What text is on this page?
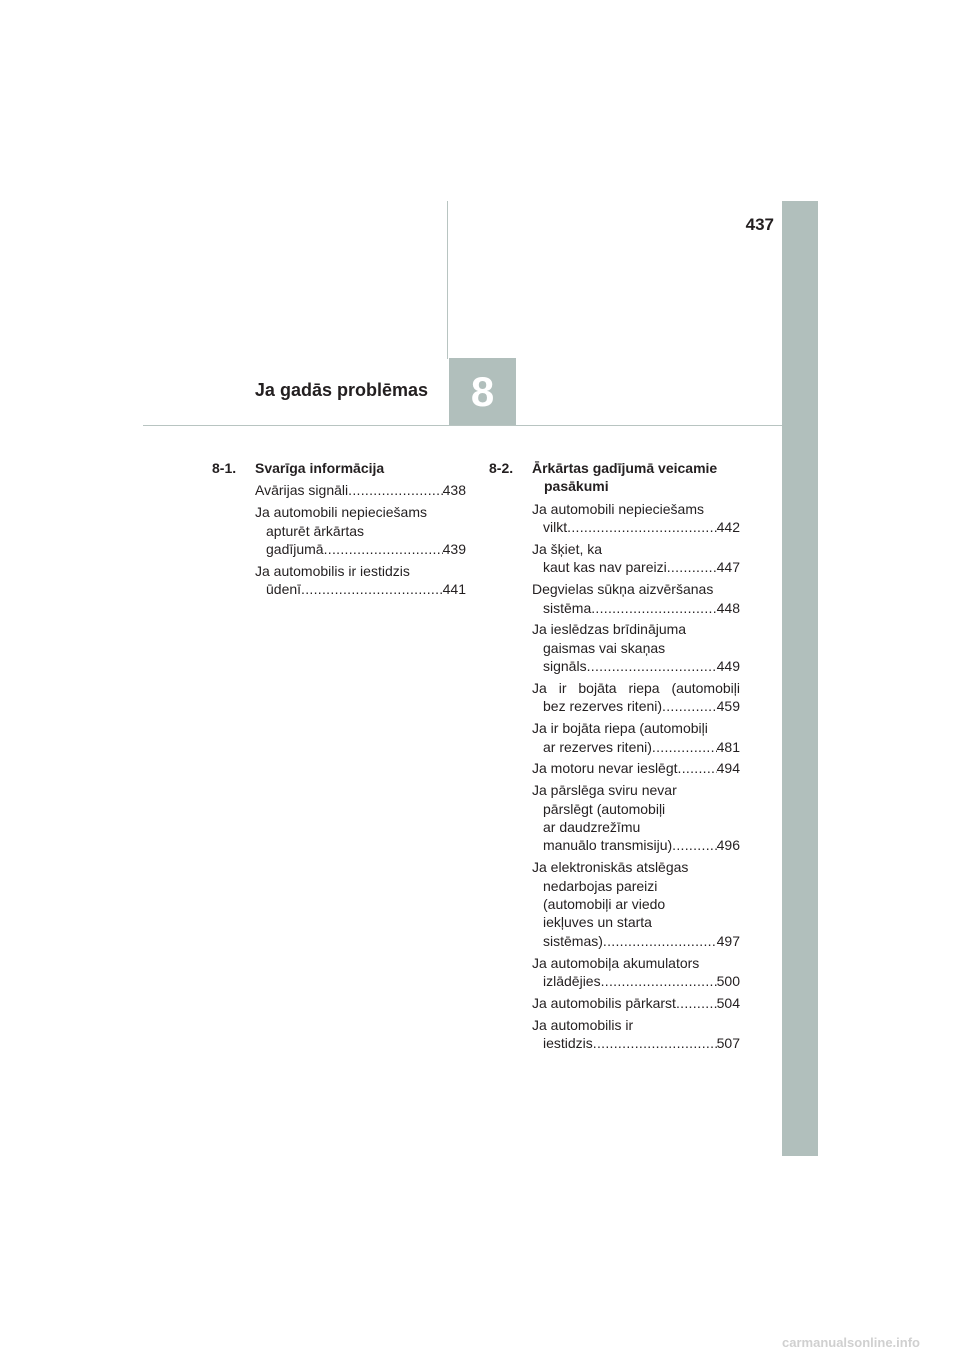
437
Ja gadās problēmas 8
8-1.	Svarīga informācija
Avārijas signāli .....	438
Ja automobili nepieciešams
apturēt ārkārtas
gadījumā .....	439
Ja automobilis ir iestidzis
ūdenī .....	441
8-2.	Ārkārtas gadījumā veicamie pasākumi
Ja automobili nepieciešams
vilkt .....	442
Ja šķiet, ka
kaut kas nav pareizi .....	447
Degvielas sūkņa aizvēršanas
sistēma .....	448
Ja ieslēdzas brīdinājuma
gaismas vai skaņas
signāls .....	449
Ja ir bojāta riepa (automobiļi
bez rezerves riteni) .....	459
Ja ir bojāta riepa (automobiļi
ar rezerves riteni) .....	481
Ja motoru nevar ieslēgt .....	494
Ja pārslēga sviru nevar
pārslēgt (automobiļi
ar daudzrežīmu
manuālo transmisiju) .....	496
Ja elektroniskās atslēgas
nedarbojas pareizi
(automobiļi ar viedo
iekļuves un starta
sistēmas) .....	497
Ja automobiļa akumulators
izlādējies .....	500
Ja automobilis pārkarst .....	504
Ja automobilis ir
iestidzis .....	507
carmanualsonline.info
